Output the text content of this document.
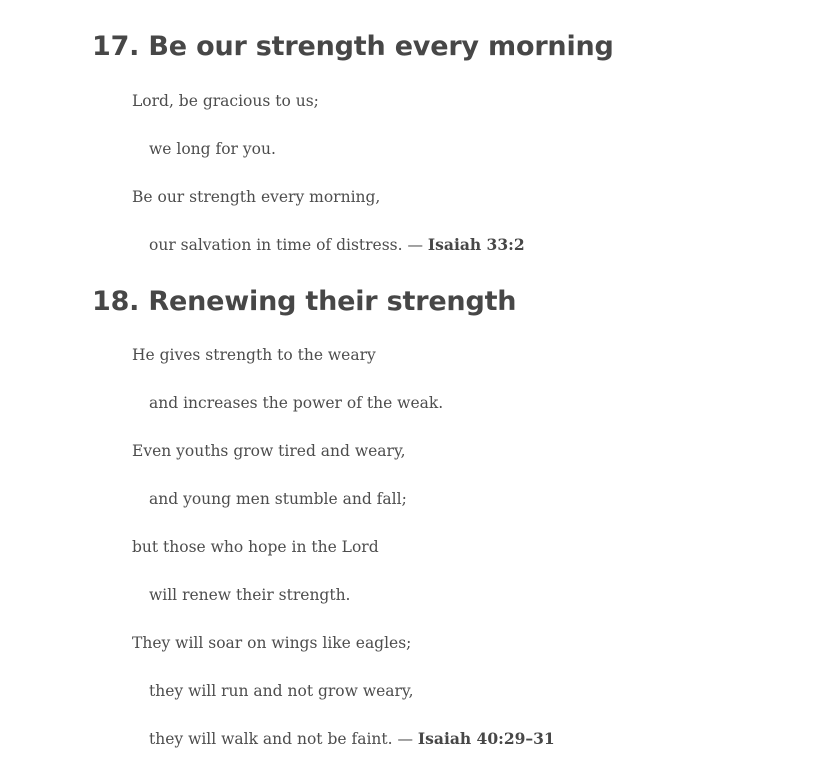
17. Be our strength every morning

Lord, be gracious to us;

we long for you.

Be our strength every morning,

our salvation in time of distress. — Isaiah 33:2

18. Renewing their strength

He gives strength to the weary

and increases the power of the weak.

Even youths grow tired and weary,

and young men stumble and fall;

but those who hope in the Lord

will renew their strength.

They will soar on wings like eagles;

they will run and not grow weary,

they will walk and not be faint. — Isaiah 40:29–31
